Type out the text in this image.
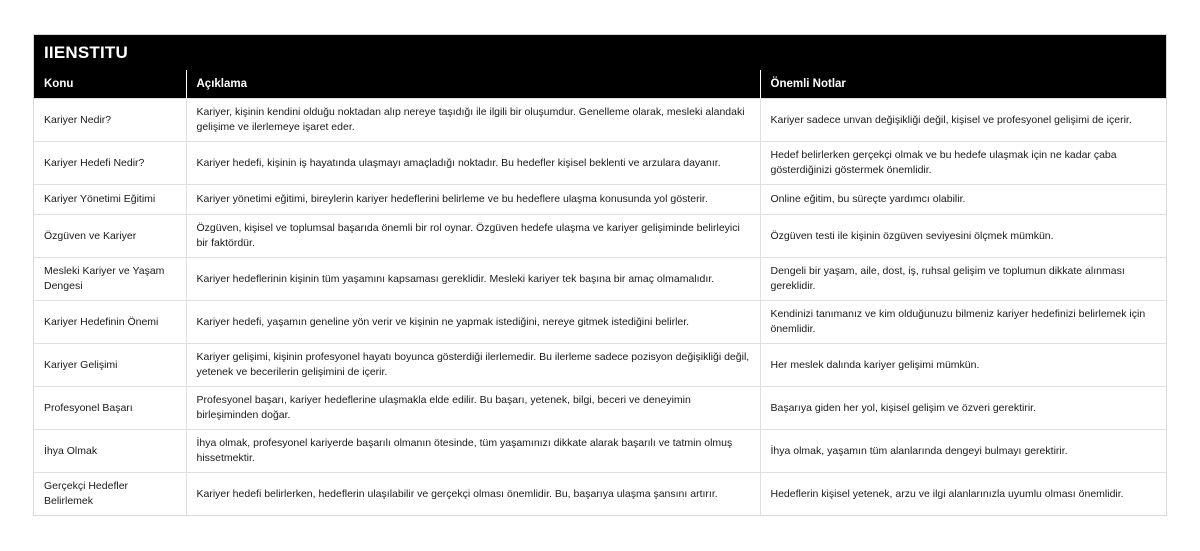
IIENSTITU
Konu	Açıklama	Önemli Notlar
Kariyer Nedir?	Kariyer, kişinin kendini olduğu noktadan alıp nereye taşıdığı ile ilgili bir oluşumdur. Genelleme olarak, mesleki alandaki gelişime ve ilerlemeye işaret eder.	Kariyer sadece unvan değişikliği değil, kişisel ve profesyonel gelişimi de içerir.
Kariyer Hedefi Nedir?	Kariyer hedefi, kişinin iş hayatında ulaşmayı amaçladığı noktadır. Bu hedefler kişisel beklenti ve arzulara dayanır.	Hedef belirlerken gerçekçi olmak ve bu hedefe ulaşmak için ne kadar çaba gösterdiğinizi göstermek önemlidir.
Kariyer Yönetimi Eğitimi	Kariyer yönetimi eğitimi, bireylerin kariyer hedeflerini belirleme ve bu hedeflere ulaşma konusunda yol gösterir.	Online eğitim, bu süreçte yardımcı olabilir.
Özgüven ve Kariyer	Özgüven, kişisel ve toplumsal başarıda önemli bir rol oynar. Özgüven hedefe ulaşma ve kariyer gelişiminde belirleyici bir faktördür.	Özgüven testi ile kişinin özgüven seviyesini ölçmek mümkün.
Mesleki Kariyer ve Yaşam Dengesi	Kariyer hedeflerinin kişinin tüm yaşamını kapsaması gereklidir. Mesleki kariyer tek başına bir amaç olmamalıdır.	Dengeli bir yaşam, aile, dost, iş, ruhsal gelişim ve toplumun dikkate alınması gereklidir.
Kariyer Hedefinin Önemi	Kariyer hedefi, yaşamın geneline yön verir ve kişinin ne yapmak istediğini, nereye gitmek istediğini belirler.	Kendinizi tanımanız ve kim olduğunuzu bilmeniz kariyer hedefinizi belirlemek için önemlidir.
Kariyer Gelişimi	Kariyer gelişimi, kişinin profesyonel hayatı boyunca gösterdiği ilerlemedir. Bu ilerleme sadece pozisyon değişikliği değil, yetenek ve becerilerin gelişimini de içerir.	Her meslek dalında kariyer gelişimi mümkün.
Profesyonel Başarı	Profesyonel başarı, kariyer hedeflerine ulaşmakla elde edilir. Bu başarı, yetenek, bilgi, beceri ve deneyimin birleşiminden doğar.	Başarıya giden her yol, kişisel gelişim ve özveri gerektirir.
İhya Olmak	İhya olmak, profesyonel kariyerde başarılı olmanın ötesinde, tüm yaşamınızı dikkate alarak başarılı ve tatmin olmuş hissetmektir.	İhya olmak, yaşamın tüm alanlarında dengeyi bulmayı gerektirir.
Gerçekçi Hedefler Belirlemek	Kariyer hedefi belirlerken, hedeflerin ulaşılabilir ve gerçekçi olması önemlidir. Bu, başarıya ulaşma şansını artırır.	Hedeflerin kişisel yetenek, arzu ve ilgi alanlarınızla uyumlu olması önemlidir.
